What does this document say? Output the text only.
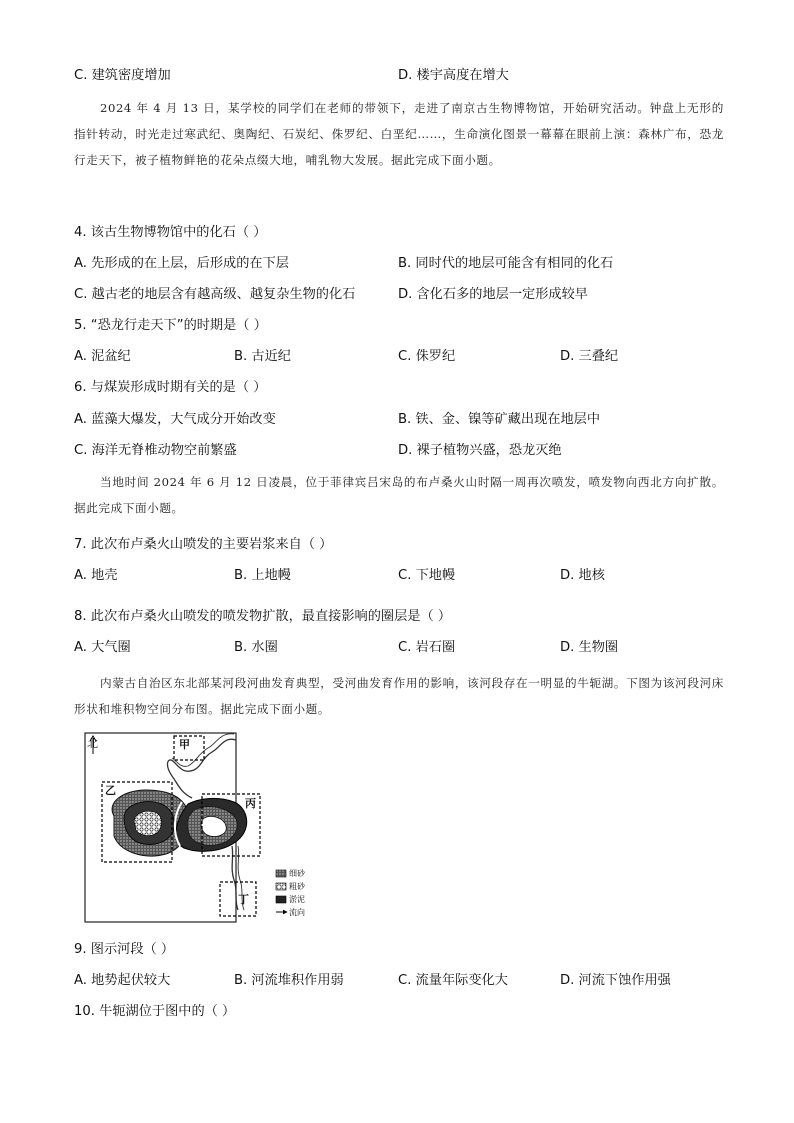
C. 建筑密度增加	D. 楼宇高度在增大
2024 年 4 月 13 日，某学校的同学们在老师的带领下，走进了南京古生物博物馆，开始研究活动。钟盘上无形的指针转动，时光走过寒武纪、奥陶纪、石炭纪、侏罗纪、白垩纪……，生命演化图景一幕幕在眼前上演：森林广布，恐龙行走天下，被子植物鲜艳的花朵点缀大地，哺乳物大发展。据此完成下面小题。
4. 该古生物博物馆中的化石（ ）
A. 先形成的在上层，后形成的在下层	B. 同时代的地层可能含有相同的化石
C. 越古老的地层含有越高级、越复杂生物的化石	D. 含化石多的地层一定形成较早
5. “恐龙行走天下”的时期是（ ）
A. 泥盆纪	B. 古近纪	C. 侏罗纪	D. 三叠纪
6. 与煤炭形成时期有关的是（ ）
A. 蓝藻大爆发，大气成分开始改变	B. 铁、金、镍等矿藏出现在地层中
C. 海洋无脊椎动物空前繁盛	D. 裸子植物兴盛，恐龙灭绝
当地时间 2024 年 6 月 12 日凌晨，位于菲律宾吕宋岛的布卢桑火山时隔一周再次喷发，喷发物向西北方向扩散。据此完成下面小题。
7. 此次布卢桑火山喷发的主要岩浆来自（ ）
A. 地壳	B. 上地幔	C. 下地幔	D. 地核
8. 此次布卢桑火山喷发的喷发物扩散，最直接影响的圈层是（ ）
A. 大气圈	B. 水圈	C. 岩石圈	D. 生物圈
内蒙古自治区东北部某河段河曲发育典型，受河曲发育作用的影响，该河段存在一明显的牛轭湖。下图为该河段河床形状和堆积物空间分布图。据此完成下面小题。
北	甲
乙
丙
丁
细砂
粗砂
淤泥
流向
9. 图示河段（ ）
A. 地势起伏较大	B. 河流堆积作用弱	C. 流量年际变化大	D. 河流下蚀作用强
10. 牛轭湖位于图中的（ ）
